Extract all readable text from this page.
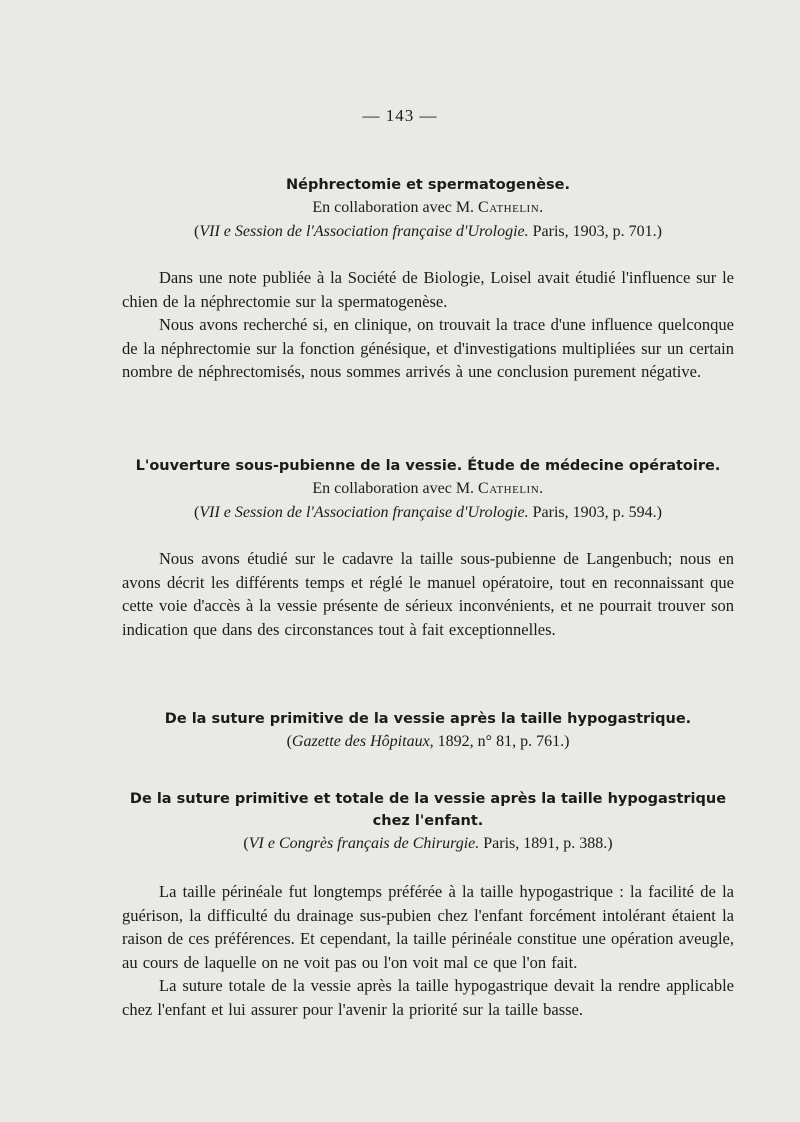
— 143 —
Néphrectomie et spermatogenèse.
En collaboration avec M. Cathelin.
(VII e Session de l'Association française d'Urologie. Paris, 1903, p. 701.)

Dans une note publiée à la Société de Biologie, Loisel avait étudié l'influence sur le chien de la néphrectomie sur la spermatogenèse.

Nous avons recherché si, en clinique, on trouvait la trace d'une influence quelconque de la néphrectomie sur la fonction génésique, et d'investigations multipliées sur un certain nombre de néphrectomisés, nous sommes arrivés à une conclusion purement négative.

L'ouverture sous-pubienne de la vessie. Étude de médecine opératoire.
En collaboration avec M. Cathelin.
(VII e Session de l'Association française d'Urologie. Paris, 1903, p. 594.)

Nous avons étudié sur le cadavre la taille sous-pubienne de Langenbuch; nous en avons décrit les différents temps et réglé le manuel opératoire, tout en reconnaissant que cette voie d'accès à la vessie présente de sérieux inconvénients, et ne pourrait trouver son indication que dans des circonstances tout à fait exceptionnelles.

De la suture primitive de la vessie après la taille hypogastrique.
(Gazette des Hôpitaux, 1892, n° 81, p. 761.)
De la suture primitive et totale de la vessie après la taille hypogastrique
chez l'enfant.
(VI e Congrès français de Chirurgie. Paris, 1891, p. 388.)

La taille périnéale fut longtemps préférée à la taille hypogastrique : la facilité de la guérison, la difficulté du drainage sus-pubien chez l'enfant forcément intolérant étaient la raison de ces préférences. Et cependant, la taille périnéale constitue une opération aveugle, au cours de laquelle on ne voit pas ou l'on voit mal ce que l'on fait.

La suture totale de la vessie après la taille hypogastrique devait la rendre applicable chez l'enfant et lui assurer pour l'avenir la priorité sur la taille basse.
